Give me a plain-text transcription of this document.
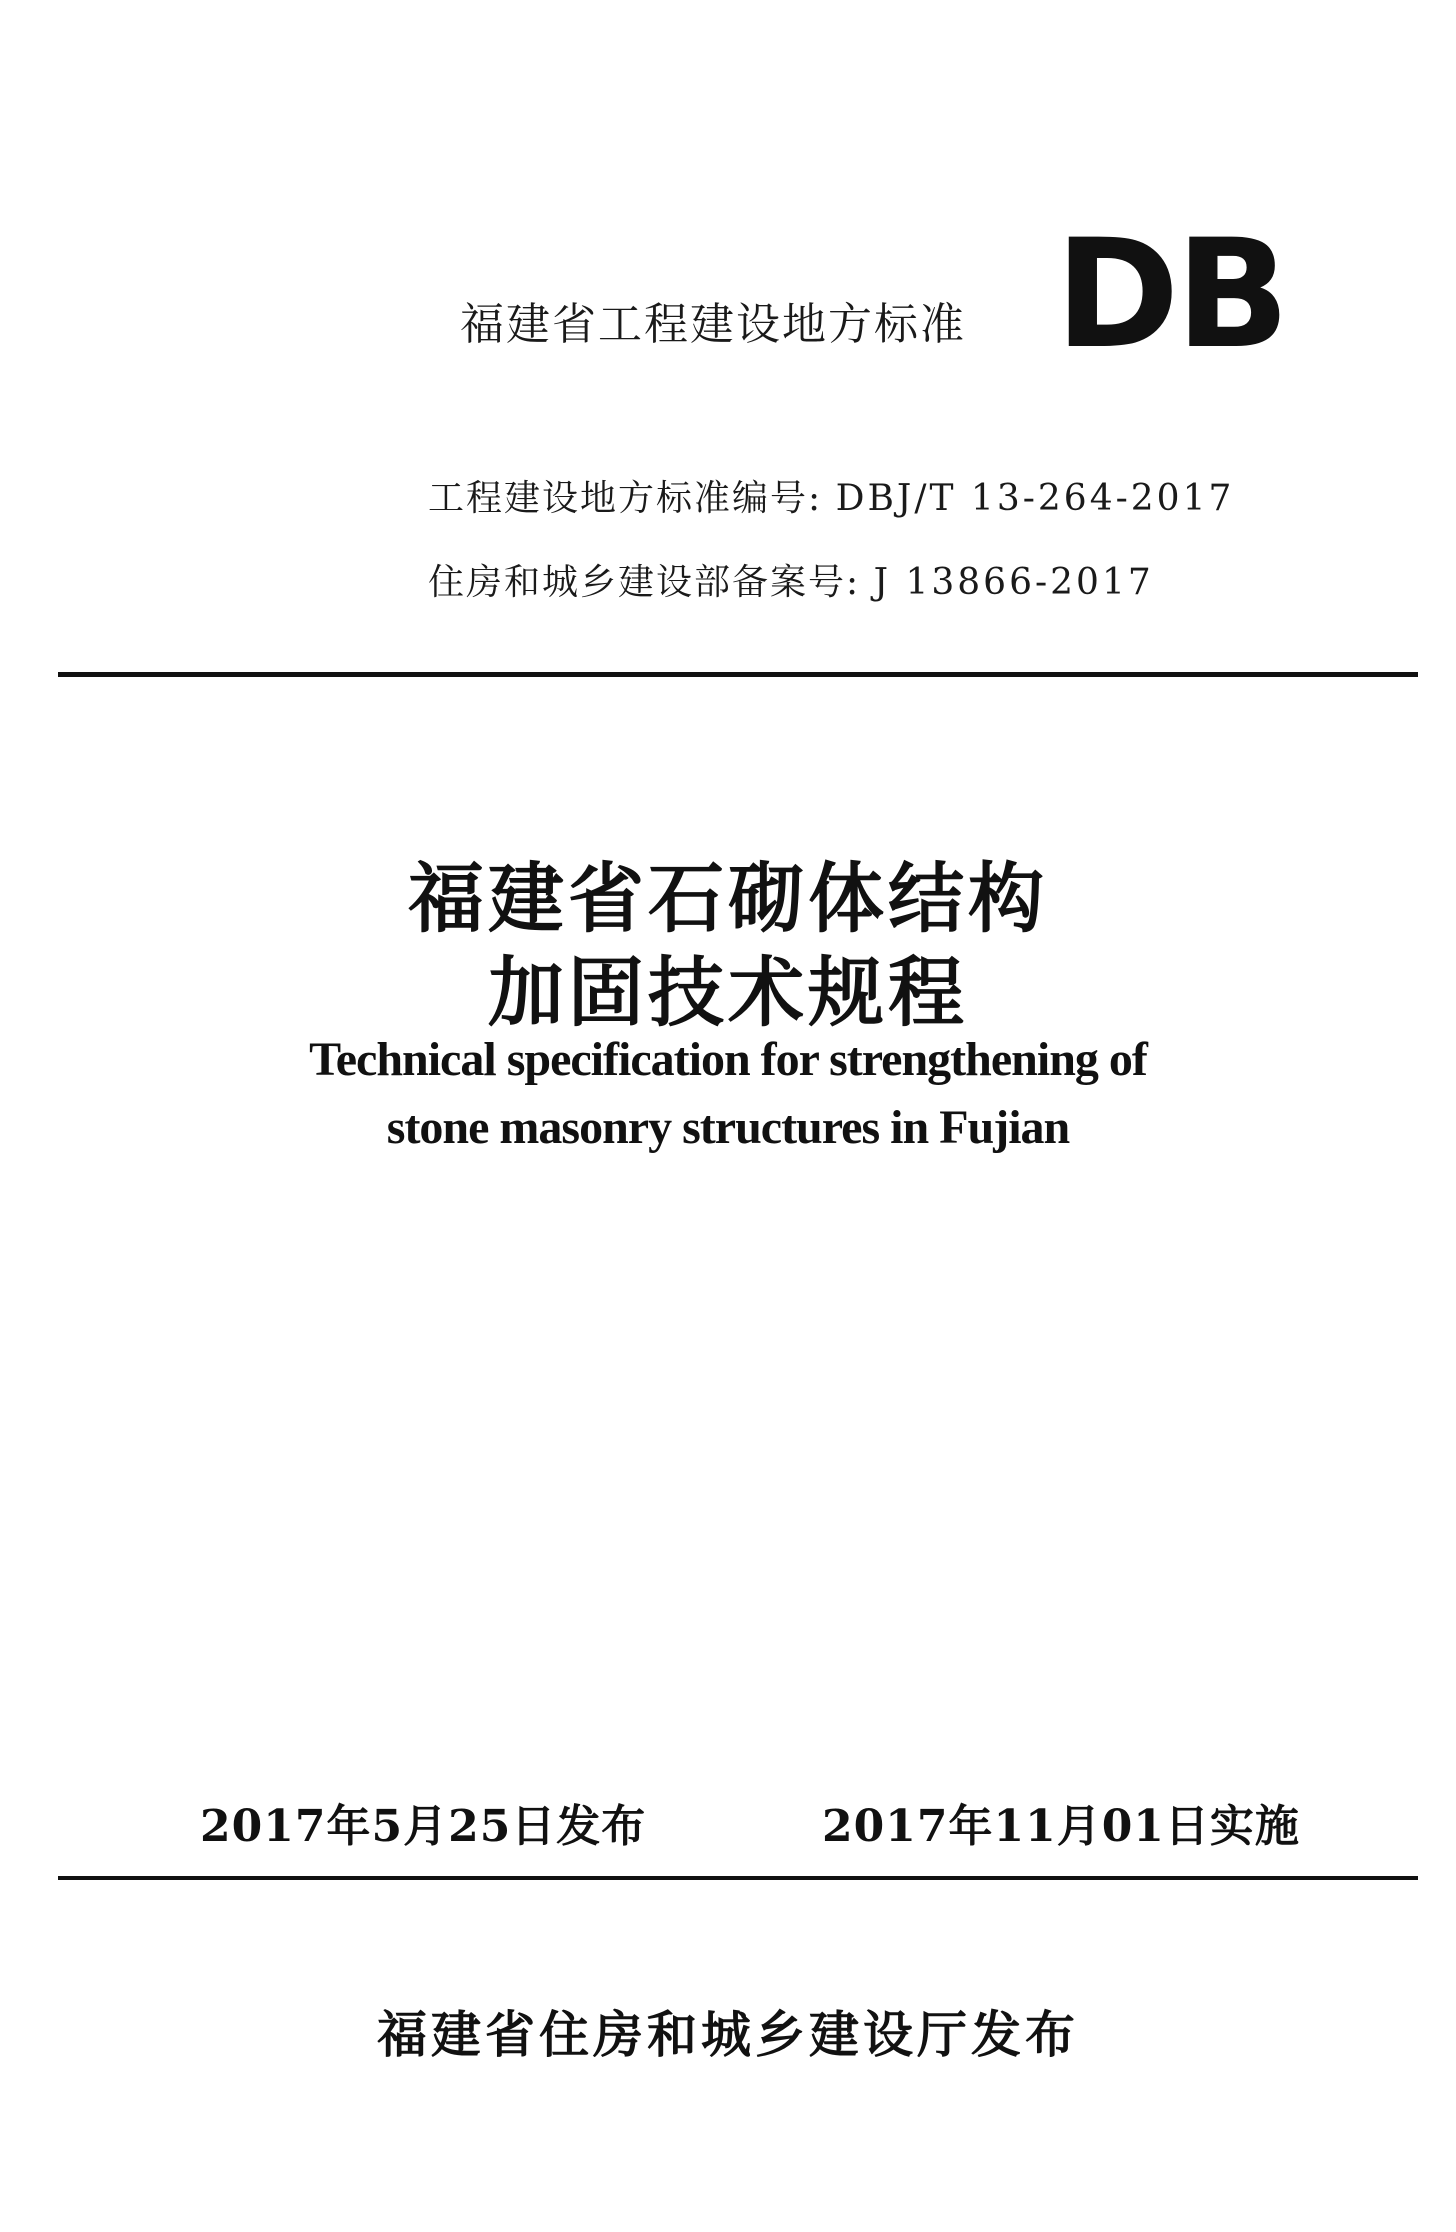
福建省工程建设地方标准 DB
工程建设地方标准编号: DBJ/T 13-264-2017
住房和城乡建设部备案号: J 13866-2017
福建省石砌体结构
加固技术规程
Technical specification for strengthening of
stone masonry structures in Fujian
2017年5月25日发布	2017年11月01日实施
福建省住房和城乡建设厅发布
